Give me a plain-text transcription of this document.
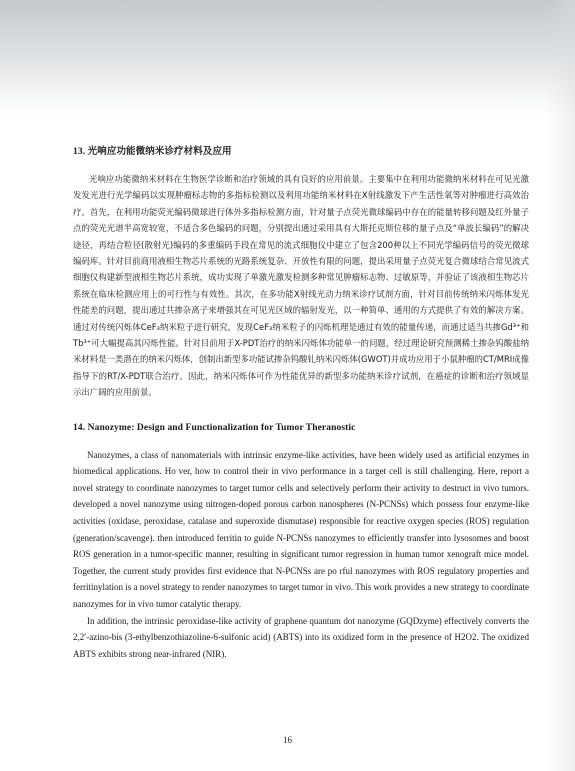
13. 光响应功能微纳米诊疗材料及应用

光响应功能微纳米材料在生物医学诊断和治疗领域的具有良好的应用前景。主要集中在利用功能微纳米材料在可见光激发发光进行光学编码以实现肿瘤标志物的多指标检测以及利用功能纳米材料在X射线激发下产生活性氧等对肿瘤进行高效治疗。首先，在利用功能荧光编码微球进行体外多指标检测方面，针对量子点荧光微球编码中存在的能量转移问题及红外量子点的荧光光谱半高宽较宽，不适合多色编码的问题，分别提出通过采用具有大斯托克斯位移的量子点及“单波长编码”的解决途径，再结合粒径(散射光)编码的多重编码手段在常见的流式细胞仪中建立了包含200种以上不同光学编码信号的荧光微球编码库。针对目前商用液相生物芯片系统的光路系统复杂、开放性有限的问题，提出采用量子点荧光复合微球结合常见流式细胞仪构建新型液相生物芯片系统，成功实现了单激光激发检测多种常见肿瘤标志物、过敏原等，并验证了该液相生物芯片系统在临床检测应用上的可行性与有效性。其次，在多功能X射线光动力纳米诊疗试剂方面，针对目前传统纳米闪烁体发光性能差的问题，提出通过共掺杂离子来增强其在可见光区域的辐射发光，以一种简单、通用的方式提供了有效的解决方案。通过对传统闪烁体CeF₃纳米粒子进行研究，发现CeF₃纳米粒子的闪烁机理是通过有效的能量传递，而通过适当共掺Gd³⁺和Tb³⁺可大幅提高其闪烁性能。针对目前用于X-PDT治疗的纳米闪烁体功能单一的问题，经过理论研究预测稀土掺杂钨酸盐纳米材料是一类潜在的纳米闪烁体，创制出新型多功能试掺杂钨酸钆纳米闪烁体(GWOT)并成功应用于小鼠肿瘤的CT/MRI成像指导下的RT/X-PDT联合治疗。因此，纳米闪烁体可作为性能优异的新型多功能纳米诊疗试剂，在癌症的诊断和治疗领域显示出广阔的应用前景。

14. Nanozyme: Design and Functionalization for Tumor Theranostic

Nanozymes, a class of nanomaterials with intrinsic enzyme-like activities, have been widely used as artificial enzymes in biomedical applications. Ho ver, how to control their in vivo performance in a target cell is still challenging. Here, report a novel strategy to coordinate nanozymes to target tumor cells and selectively perform their activity to destruct in vivo tumors. developed a novel nanozyme using nitrogen-doped porous carbon nanospheres (N-PCNSs) which possess four enzyme-like activities (oxidase, peroxidase, catalase and superoxide dismutase) responsible for reactive oxygen species (ROS) regulation (generation/scavenge). then introduced ferritin to guide N-PCNSs nanozymes to efficiently transfer into lysosomes and boost ROS generation in a tumor-specific manner, resulting in significant tumor regression in human tumor xenograft mice model. Together, the current study provides first evidence that N-PCNSs are po rful nanozymes with ROS regulatory properties and ferritinylation is a novel strategy to render nanozymes to target tumor in vivo. This work provides a new strategy to coordinate nanozymes for in vivo tumor catalytic therapy.

In addition, the intrinsic peroxidase-like activity of graphene quantum dot nanozyme (GQDzyme) effectively converts the 2,2′-azino-bis (3-ethylbenzothiazoline-6-sulfonic acid) (ABTS) into its oxidized form in the presence of H2O2. The oxidized ABTS exhibits strong near-infrared (NIR).

16
